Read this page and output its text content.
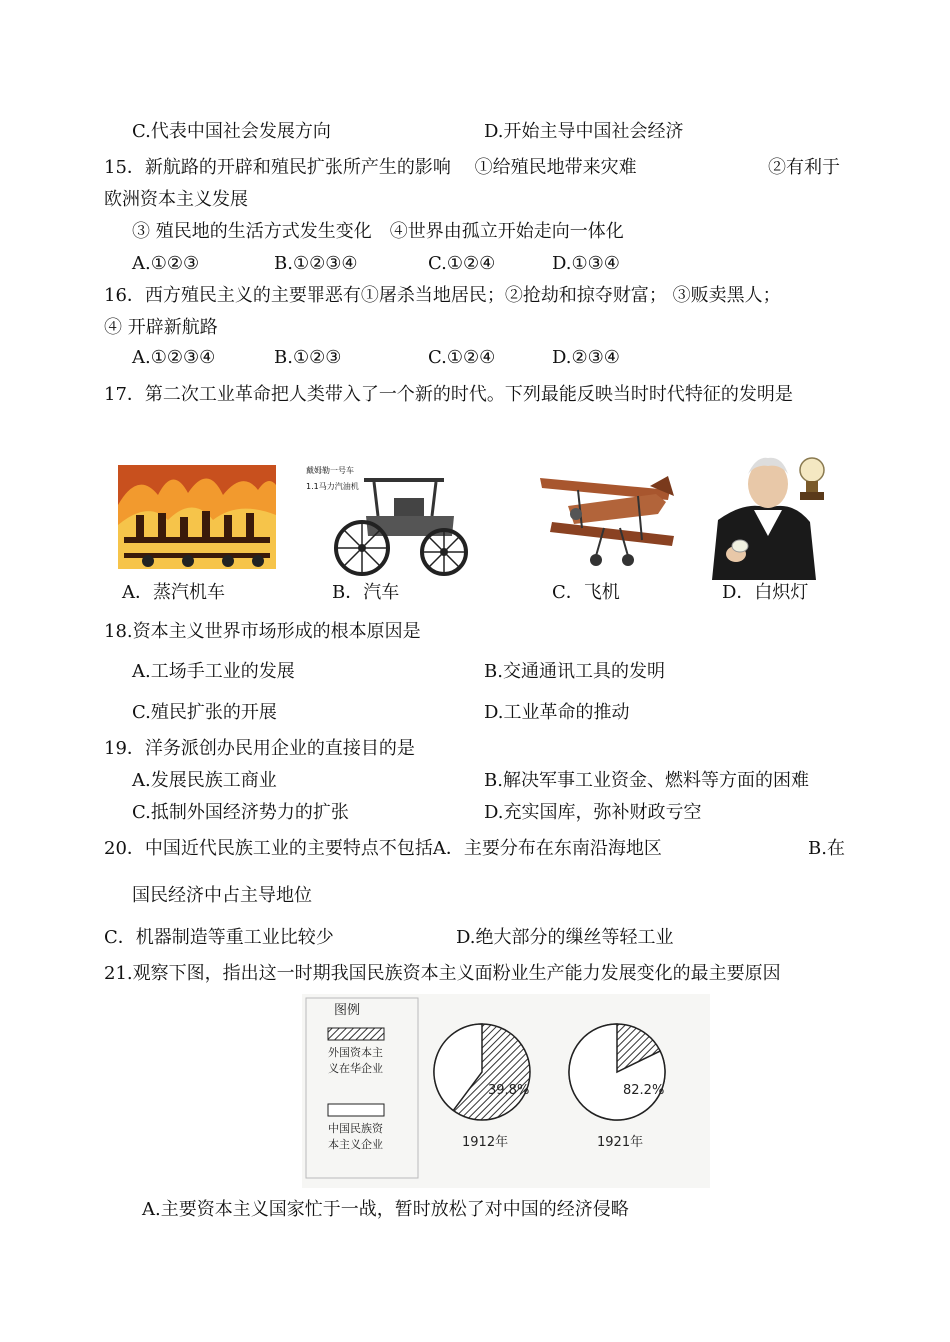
C.代表中国社会发展方向	D.开始主导中国社会经济
15．新航路的开辟和殖民扩张所产生的影响　 ①给殖民地带来灾难	②有利于
欧洲资本主义发展
③ 殖民地的生活方式发生变化　④世界由孤立开始走向一体化
A.①②③	B.①②③④	C.①②④	D.①③④
16．西方殖民主义的主要罪恶有①屠杀当地居民；②抢劫和掠夺财富； ③贩卖黑人；
④ 开辟新航路
A.①②③④	B.①②③	C.①②④	D.②③④
17．第二次工业革命把人类带入了一个新的时代。下列最能反映当时时代特征的发明是
戴姆勒一号车
1.1马力汽油机
A．蒸汽机车	B．汽车	C．飞机	D．白炽灯
18.资本主义世界市场形成的根本原因是
A.工场手工业的发展	B.交通通讯工具的发明
C.殖民扩张的开展	D.工业革命的推动
19．洋务派创办民用企业的直接目的是
A.发展民族工商业	B.解决军事工业资金、燃料等方面的困难
C.抵制外国经济势力的扩张	D.充实国库，弥补财政亏空
20．中国近代民族工业的主要特点不包括A．主要分布在东南沿海地区	B.在
国民经济中占主导地位
C．机器制造等重工业比较少	D.绝大部分的缫丝等轻工业
21.观察下图，指出这一时期我国民族资本主义面粉业生产能力发展变化的最主要原因
图例
外国资本主
义在华企业
中国民族资
本主义企业
39.8%
1912年
82.2%
1921年
A.主要资本主义国家忙于一战，暂时放松了对中国的经济侵略
